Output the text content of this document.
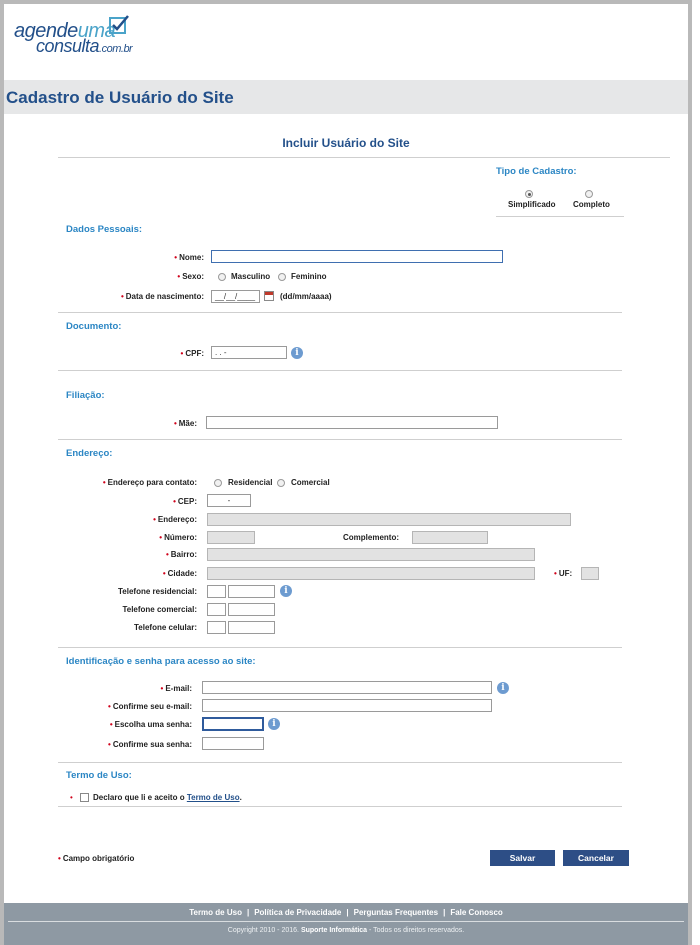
agendeuma
consulta.com.br
Cadastro de Usuário do Site
Incluir Usuário do Site
Tipo de Cadastro:
Simplificado Completo
Dados Pessoais:
• Nome:
• Sexo:	Masculino	Feminino
• Data de nascimento:	__/__/____	(dd/mm/aaaa)
Documento:
• CPF:	. . -	i
Filiação:
• Mãe:
Endereço:
• Endereço para contato:	Residencial Comercial
• CEP:	-
• Endereço:
• Número:	Complemento:
• Bairro:
• Cidade:	• UF:
Telefone residencial:	i
Telefone comercial:
Telefone celular:
Identificação e senha para acesso ao site:
• E-mail:	i
• Confirme seu e-mail:
• Escolha uma senha:	i
• Confirme sua senha:
Termo de Uso:
•	Declaro que li e aceito o Termo de Uso.
• Campo obrigatório	Salvar	Cancelar
Termo de Uso | Política de Privacidade | Perguntas Frequentes | Fale Conosco
Copyright 2010 - 2016. Suporte Informática - Todos os direitos reservados.
